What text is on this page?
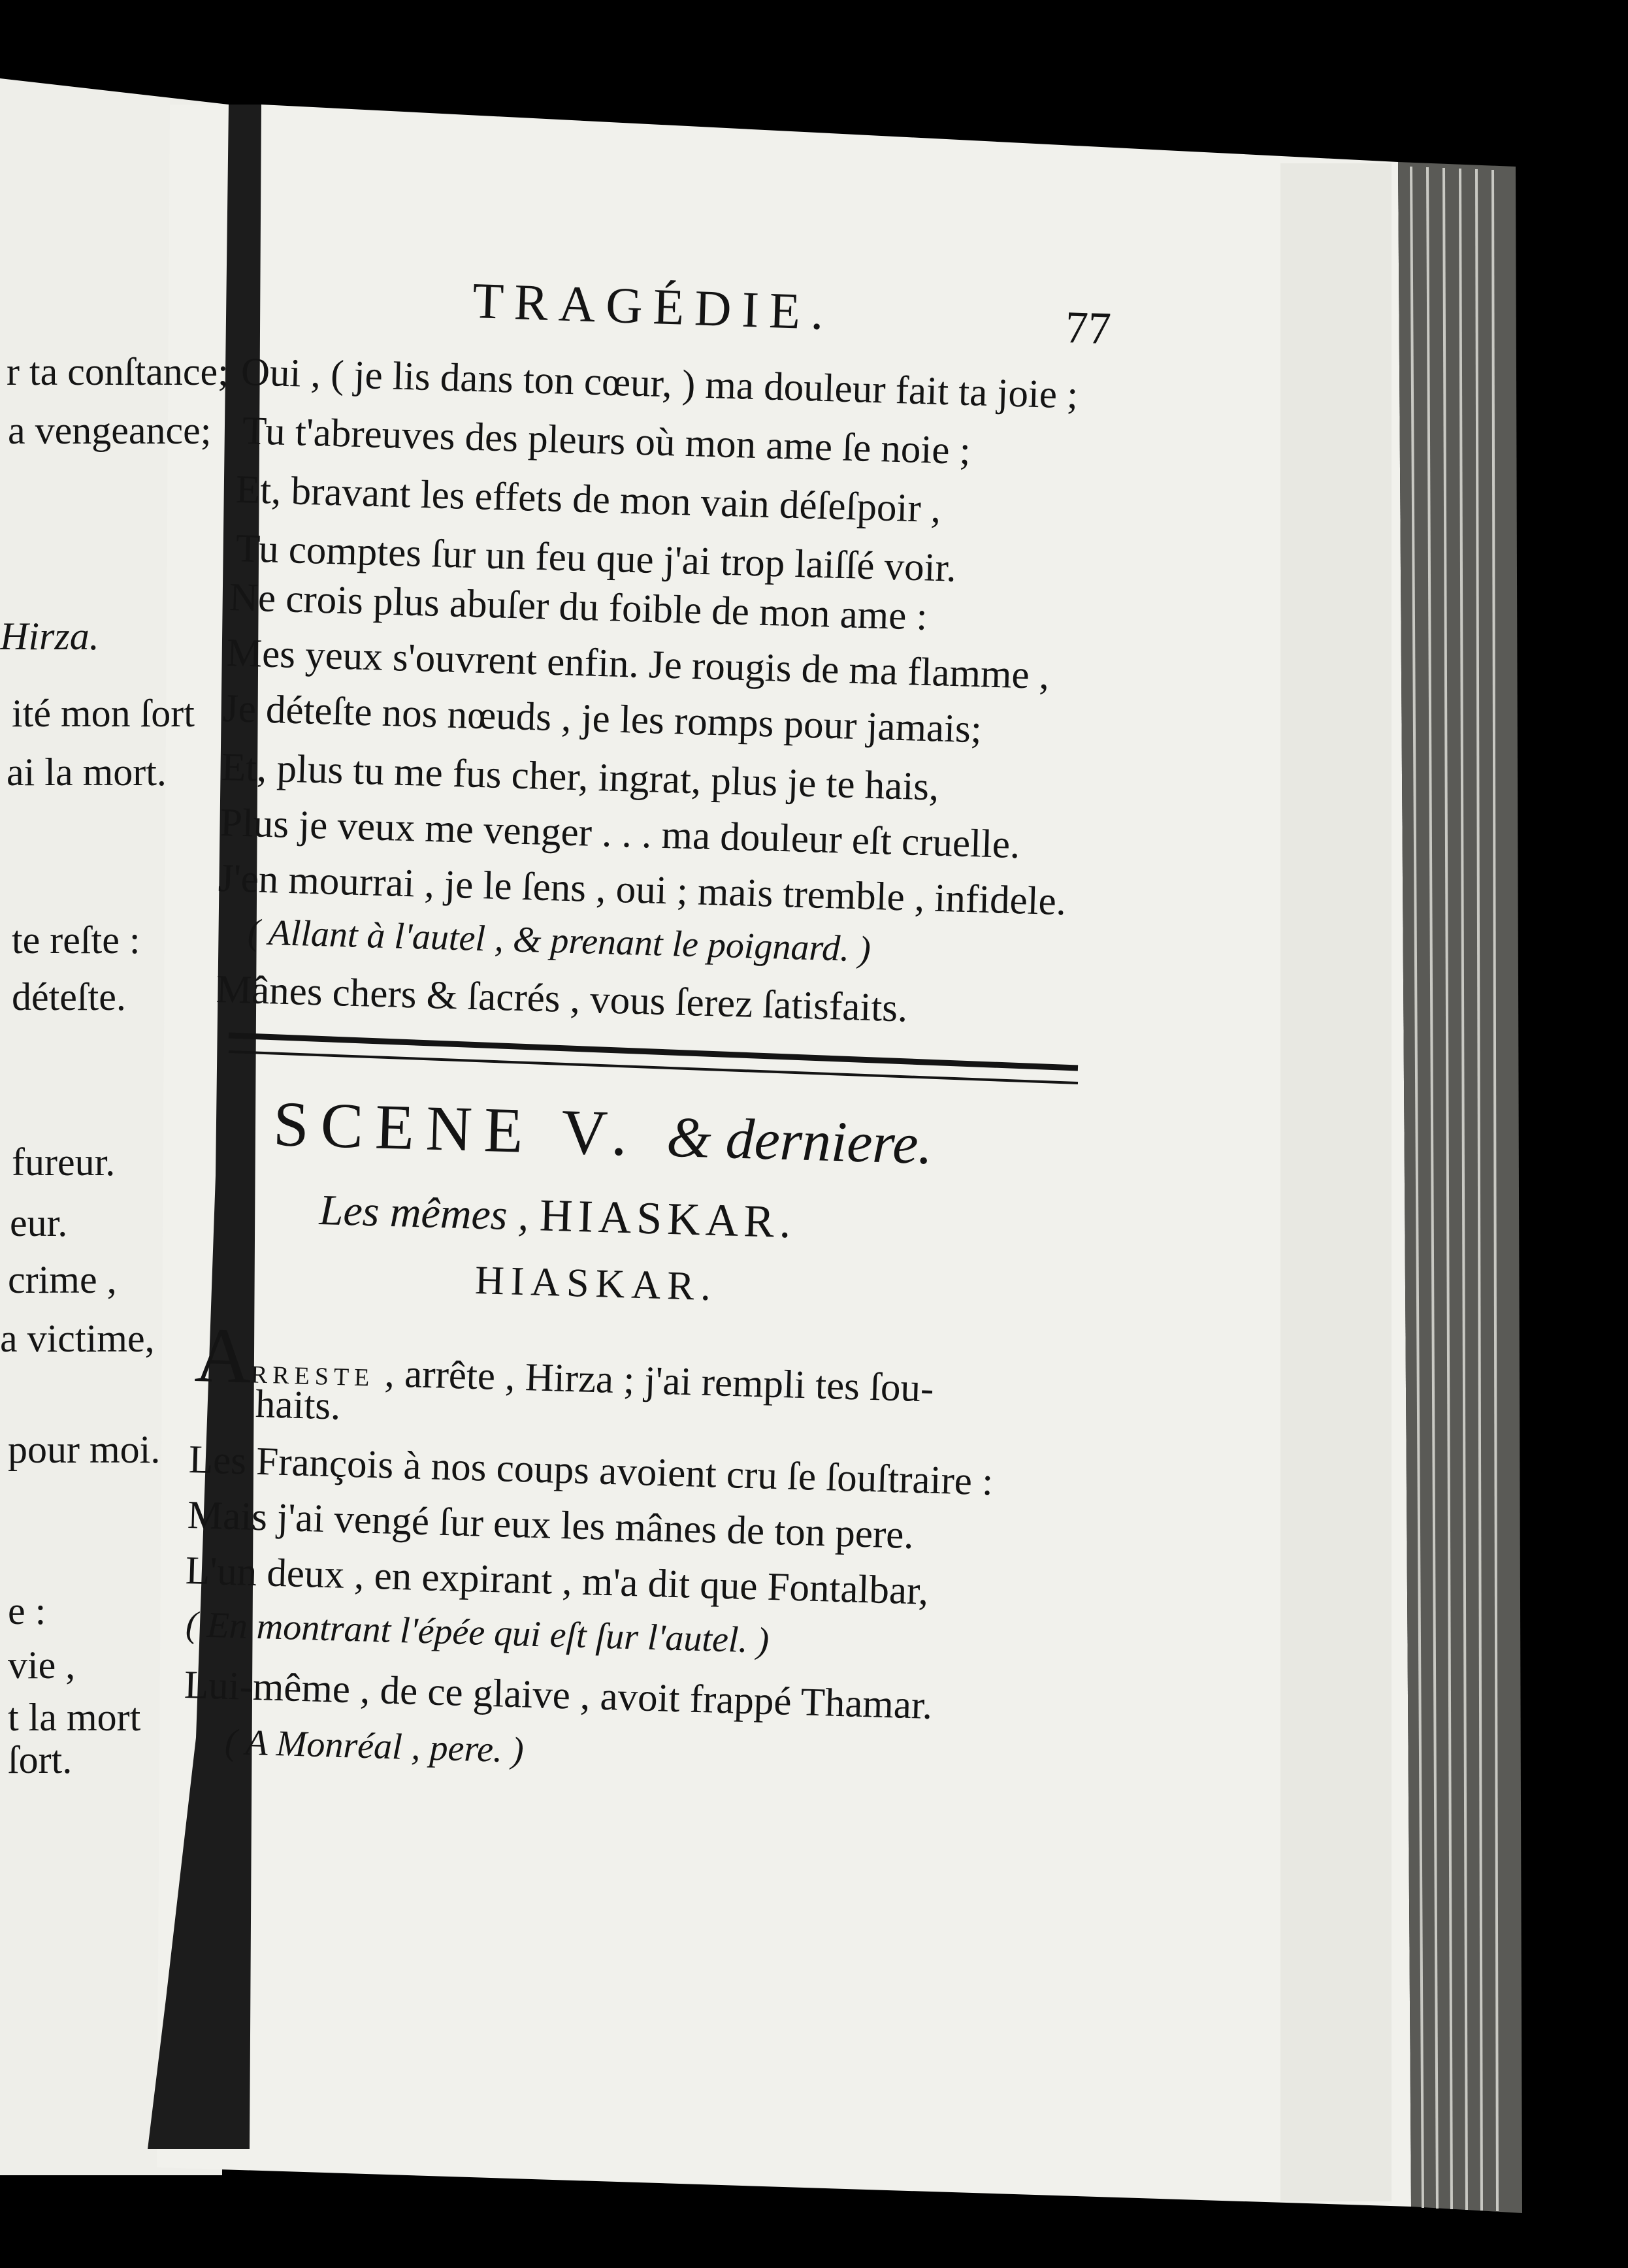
TRAGÉDIE.	77
r ta conſtance;
a vengeance;
Hirza.
ité mon ſort
ai la mort.
te reſte :
déteſte.
fureur.
eur.
crime ,
a victime,
pour moi.
e :
vie ,
t la mort
ſort.
Oui , ( je lis dans ton cœur, ) ma douleur fait ta joie ;
Tu t'abreuves des pleurs où mon ame ſe noie ;
Et, bravant les effets de mon vain déſeſpoir ,
Tu comptes ſur un feu que j'ai trop laiſſé voir.
Ne crois plus abuſer du foible de mon ame :
Mes yeux s'ouvrent enfin. Je rougis de ma flamme ,
Je déteſte nos nœuds , je les romps pour jamais;
Et, plus tu me fus cher, ingrat, plus je te hais,
Plus je veux me venger . . . ma douleur eſt cruelle.
J'en mourrai , je le ſens , oui ; mais tremble , infidele.
( Allant à l'autel , & prenant le poignard. )
Mânes chers & ſacrés , vous ſerez ſatisfaits.
SCENE V. & derniere.
Les mêmes , HIASKAR.
HIASKAR.
ARRESTE , arrête , Hirza ; j'ai rempli tes ſou-
haits.
Les François à nos coups avoient cru ſe ſouſtraire :
Mais j'ai vengé ſur eux les mânes de ton pere.
L'un deux , en expirant , m'a dit que Fontalbar,
( En montrant l'épée qui eſt ſur l'autel. )
Lui-même , de ce glaive , avoit frappé Thamar.
( A Monréal , pere. )
